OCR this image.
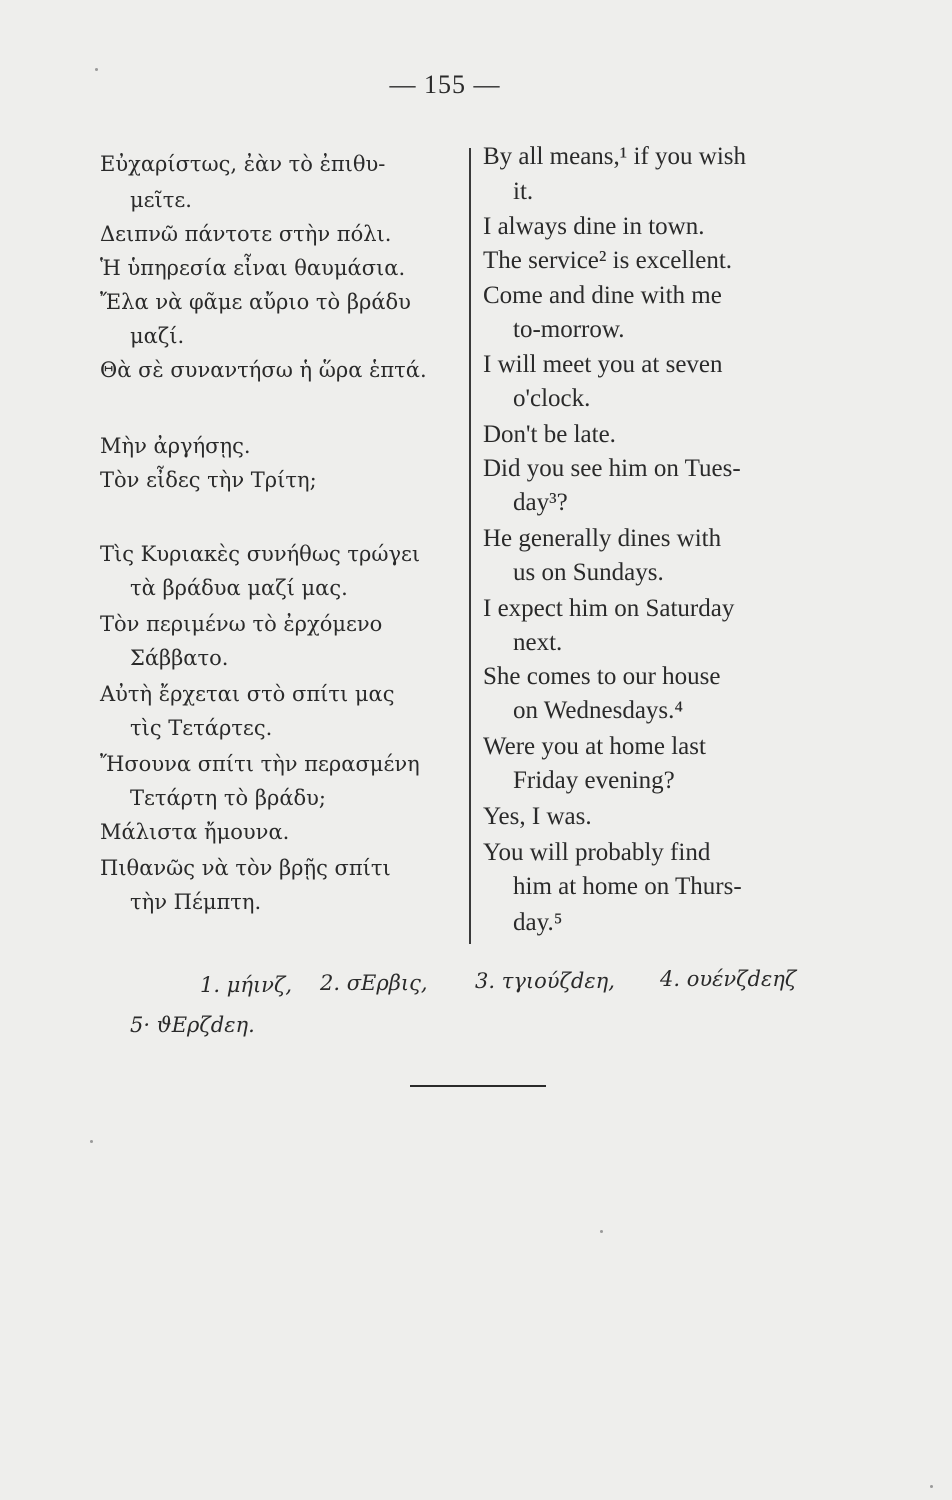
— 155 —
Εὐχαρίστως, ἐὰν τὸ ἐπιθυ-
μεῖτε.
Δειπνῶ πάντοτε στὴν πόλι.
Ἡ ὑπηρεσία εἶναι θαυμάσια.
Ἔλα νὰ φᾶμε αὔριο τὸ βράδυ
μαζί.
Θὰ σὲ συναντήσω ἡ ὥρα ἑπτά.
Μὴν ἀργήσῃς.
Τὸν εἶδες τὴν Τρίτη;
Τὶς Κυριακὲς συνήθως τρώγει
τὰ βράδυα μαζί μας.
Τὸν περιμένω τὸ ἐρχόμενο
Σάββατο.
Αὐτὴ ἔρχεται στὸ σπίτι μας
τὶς Τετάρτες.
Ἤσουνα σπίτι τὴν περασμένη
Τετάρτη τὸ βράδυ;
Μάλιστα ἤμουνα.
Πιθανῶς νὰ τὸν βρῇς σπίτι
τὴν Πέμπτη.
By all means,¹ if you wish
it.
I always dine in town.
The service² is excellent.
Come and dine with me
to-morrow.
I will meet you at seven
o'clock.
Don't be late.
Did you see him on Tues-
day³?
He generally dines with
us on Sundays.
I expect him on Saturday
next.
She comes to our house
on Wednesdays.⁴
Were you at home last
Friday evening?
Yes, I was.
You will probably find
him at home on Thurs-
day.⁵
1. μήινζ, 2. σΕρβις, 3. τγιούζdεη, 4. ουένζdεηζ
5· ϑΕρζdεη.
